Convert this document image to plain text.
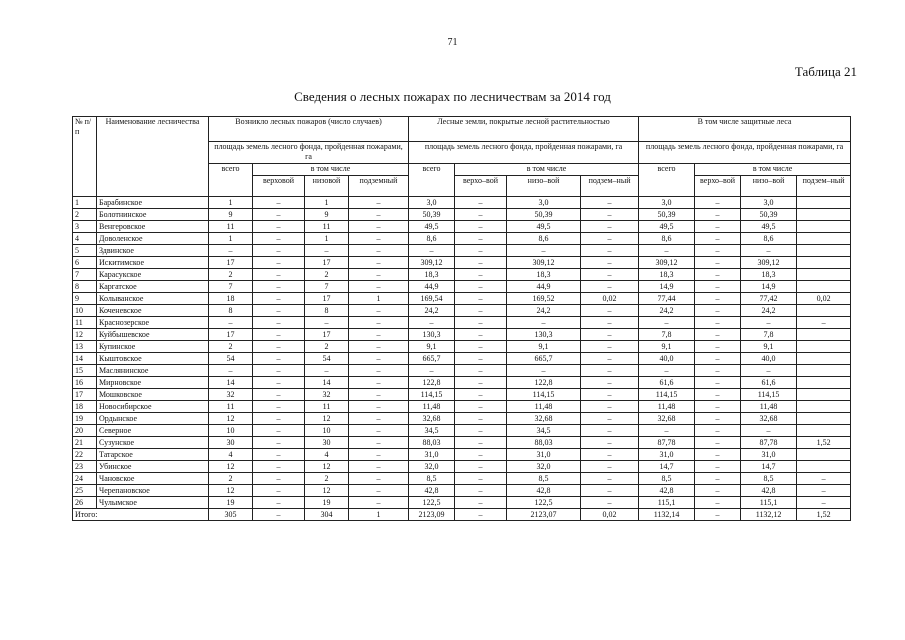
71
Таблица 21
Сведения о лесных пожарах по лесничествам за 2014 год
№ п/п	Наименование лесничества	Возникло лесных пожаров (число случаев)				Лесные земли, покрытые лесной растительностью				В том числе защитные леса			
		площадь земель лесного фонда, пройденная пожарами, га				площадь земель лесного фонда, пройденная пожарами, га				площадь земель лесного фонда, пройденная пожарами, га			
		всего	в том числе			всего	в том числе			всего	в том числе		
			верховой	низовой	подземный		верхо–вой	низо–вой	подзем–ный		верхо–вой	низо–вой	подзем–ный
1	Барабинское	1	–	1	–	3,0	–	3,0	–	3,0	–	3,0	
2	Болотнинское	9	–	9	–	50,39	–	50,39	–	50,39	–	50,39	
3	Венгеровское	11	–	11	–	49,5	–	49,5	–	49,5	–	49,5	
4	Доволенское	1	–	1	–	8,6	–	8,6	–	8,6	–	8,6	
5	Здвинское	–	–	–	–	–	–	–	–	–	–	–	
6	Искитимское	17	–	17	–	309,12	–	309,12	–	309,12	–	309,12	
7	Карасукское	2	–	2	–	18,3	–	18,3	–	18,3	–	18,3	
8	Каргатское	7	–	7	–	44,9	–	44,9	–	14,9	–	14,9	
9	Колыванское	18	–	17	1	169,54	–	169,52	0,02	77,44	–	77,42	0,02
10	Коченевское	8	–	8	–	24,2	–	24,2	–	24,2	–	24,2	
11	Краснозерское	–	–	–	–	–	–	–	–	–	–	–	–
12	Куйбышевское	17	–	17	–	130,3	–	130,3	–	7,8	–	7,8	
13	Купинское	2	–	2	–	9,1	–	9,1	–	9,1	–	9,1	
14	Кыштовское	54	–	54	–	665,7	–	665,7	–	40,0	–	40,0	
15	Маслянинское	–	–	–	–	–	–	–	–	–	–	–	
16	Мирновское	14	–	14	–	122,8	–	122,8	–	61,6	–	61,6	
17	Мошковское	32	–	32	–	114,15	–	114,15	–	114,15	–	114,15	
18	Новосибирское	11	–	11	–	11,48	–	11,48	–	11,48	–	11,48	
19	Ордынское	12	–	12	–	32,68	–	32,68	–	32,68	–	32,68	
20	Северное	10	–	10	–	34,5	–	34,5	–	–	–	–	
21	Сузунское	30	–	30	–	88,03	–	88,03	–	87,78	–	87,78	1,52
22	Татарское	4	–	4	–	31,0	–	31,0	–	31,0	–	31,0	
23	Убинское	12	–	12	–	32,0	–	32,0	–	14,7	–	14,7	
24	Чановское	2	–	2	–	8,5	–	8,5	–	8,5	–	8,5	–
25	Черепановское	12	–	12	–	42,8	–	42,8	–	42,8	–	42,8	–
26	Чулымское	19	–	19	–	122,5	–	122,5	–	115,1	–	115,1	–
Итого:		305	–	304	1	2123,09	–	2123,07	0,02	1132,14	–	1132,12	1,52
